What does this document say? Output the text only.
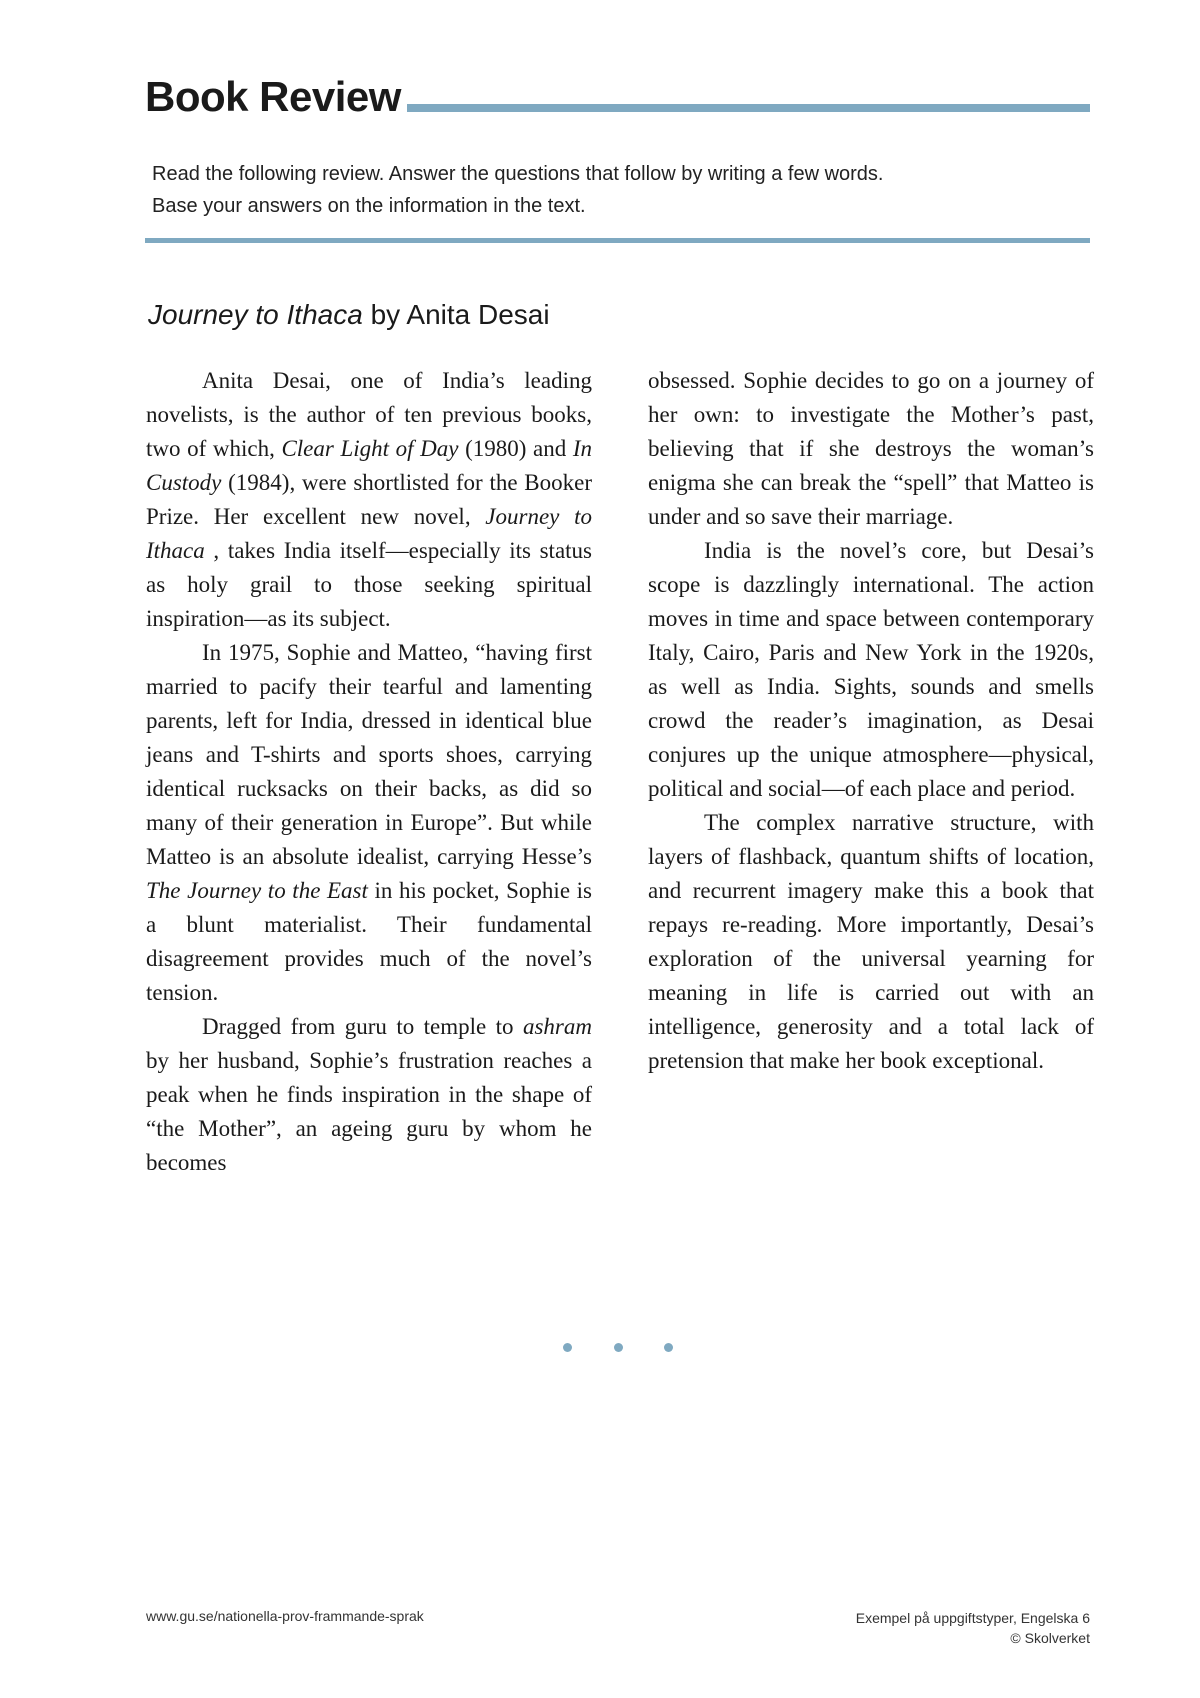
Book Review
Read the following review. Answer the questions that follow by writing a few words.
Base your answers on the information in the text.
Journey to Ithaca by Anita Desai

Anita Desai, one of India’s leading novelists, is the author of ten previous books, two of which, Clear Light of Day (1980) and In Custody (1984), were shortlisted for the Booker Prize. Her excellent new novel, Journey to Ithaca , takes India itself—especially its status as holy grail to those seeking spiritual inspiration—as its subject.

In 1975, Sophie and Matteo, “having first married to pacify their tearful and lamenting parents, left for India, dressed in identical blue jeans and T-shirts and sports shoes, carrying identical rucksacks on their backs, as did so many of their generation in Europe”. But while Matteo is an absolute idealist, carrying Hesse’s The Journey to the East in his pocket, Sophie is a blunt materialist. Their fundamental disagreement provides much of the novel’s tension.

Dragged from guru to temple to ashram by her husband, Sophie’s frustration reaches a peak when he finds inspiration in the shape of “the Mother”, an ageing guru by whom he becomes

obsessed. Sophie decides to go on a journey of her own: to investigate the Mother’s past, believing that if she destroys the woman’s enigma she can break the “spell” that Matteo is under and so save their marriage.

India is the novel’s core, but Desai’s scope is dazzlingly international. The action moves in time and space between contemporary Italy, Cairo, Paris and New York in the 1920s, as well as India. Sights, sounds and smells crowd the reader’s imagination, as Desai conjures up the unique atmosphere—physical, political and social—of each place and period.

The complex narrative structure, with layers of flashback, quantum shifts of location, and recurrent imagery make this a book that repays re-reading. More importantly, Desai’s exploration of the universal yearning for meaning in life is carried out with an intelligence, generosity and a total lack of pretension that make her book exceptional.

www.gu.se/nationella-prov-frammande-sprak	Exempel på uppgiftstyper, Engelska 6
© Skolverket
